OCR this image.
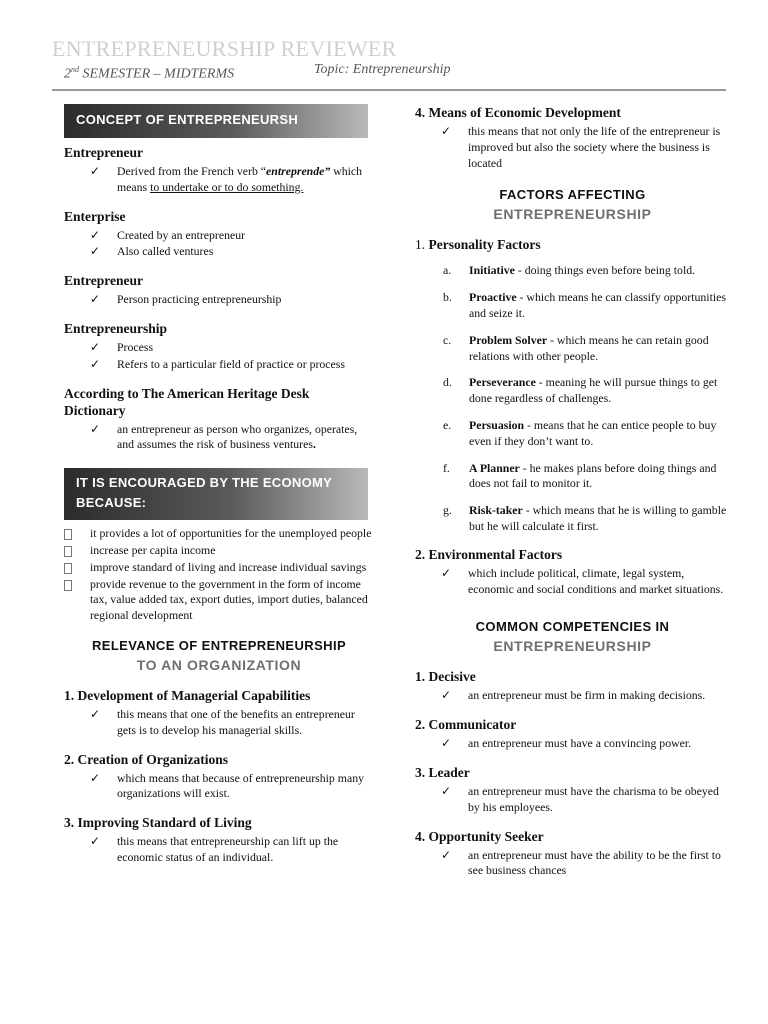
ENTREPRENEURSHIP REVIEWER
2nd SEMESTER – MIDTERMS	Topic: Entrepreneurship
CONCEPT OF ENTREPRENEURSH
Entrepreneur
✓ Derived from the French verb “entreprende” which means to undertake or to do something.
Enterprise
✓ Created by an entrepreneur
✓ Also called ventures
Entrepreneur
✓ Person practicing entrepreneurship
Entrepreneurship
✓ Process
✓ Refers to a particular field of practice or process
According to The American Heritage Desk Dictionary
✓ an entrepreneur as person who organizes, operates, and assumes the risk of business ventures.
IT IS ENCOURAGED BY THE ECONOMY BECAUSE:
it provides a lot of opportunities for the unemployed people
increase per capita income
improve standard of living and increase individual savings
provide revenue to the government in the form of income tax, value added tax, export duties, import duties, balanced regional development
RELEVANCE OF ENTREPRENEURSHIP
TO AN ORGANIZATION
1. Development of Managerial Capabilities
✓ this means that one of the benefits an entrepreneur gets is to develop his managerial skills.
2. Creation of Organizations
✓ which means that because of entrepreneurship many organizations will exist.
3. Improving Standard of Living
✓ this means that entrepreneurship can lift up the economic status of an individual.
4. Means of Economic Development
✓ this means that not only the life of the entrepreneur is improved but also the society where the business is located
FACTORS AFFECTING
ENTREPRENEURSHIP
1. Personality Factors
a. Initiative - doing things even before being told.
b. Proactive - which means he can classify opportunities and seize it.
c. Problem Solver - which means he can retain good relations with other people.
d. Perseverance - meaning he will pursue things to get done regardless of challenges.
e. Persuasion - means that he can entice people to buy even if they don’t want to.
f. A Planner - he makes plans before doing things and does not fail to monitor it.
g. Risk-taker - which means that he is willing to gamble but he will calculate it first.
2. Environmental Factors
✓ which include political, climate, legal system, economic and social conditions and market situations.
COMMON COMPETENCIES IN
ENTREPRENEURSHIP
1. Decisive
✓ an entrepreneur must be firm in making decisions.
2. Communicator
✓ an entrepreneur must have a convincing power.
3. Leader
✓ an entrepreneur must have the charisma to be obeyed by his employees.
4. Opportunity Seeker
✓ an entrepreneur must have the ability to be the first to see business chances
